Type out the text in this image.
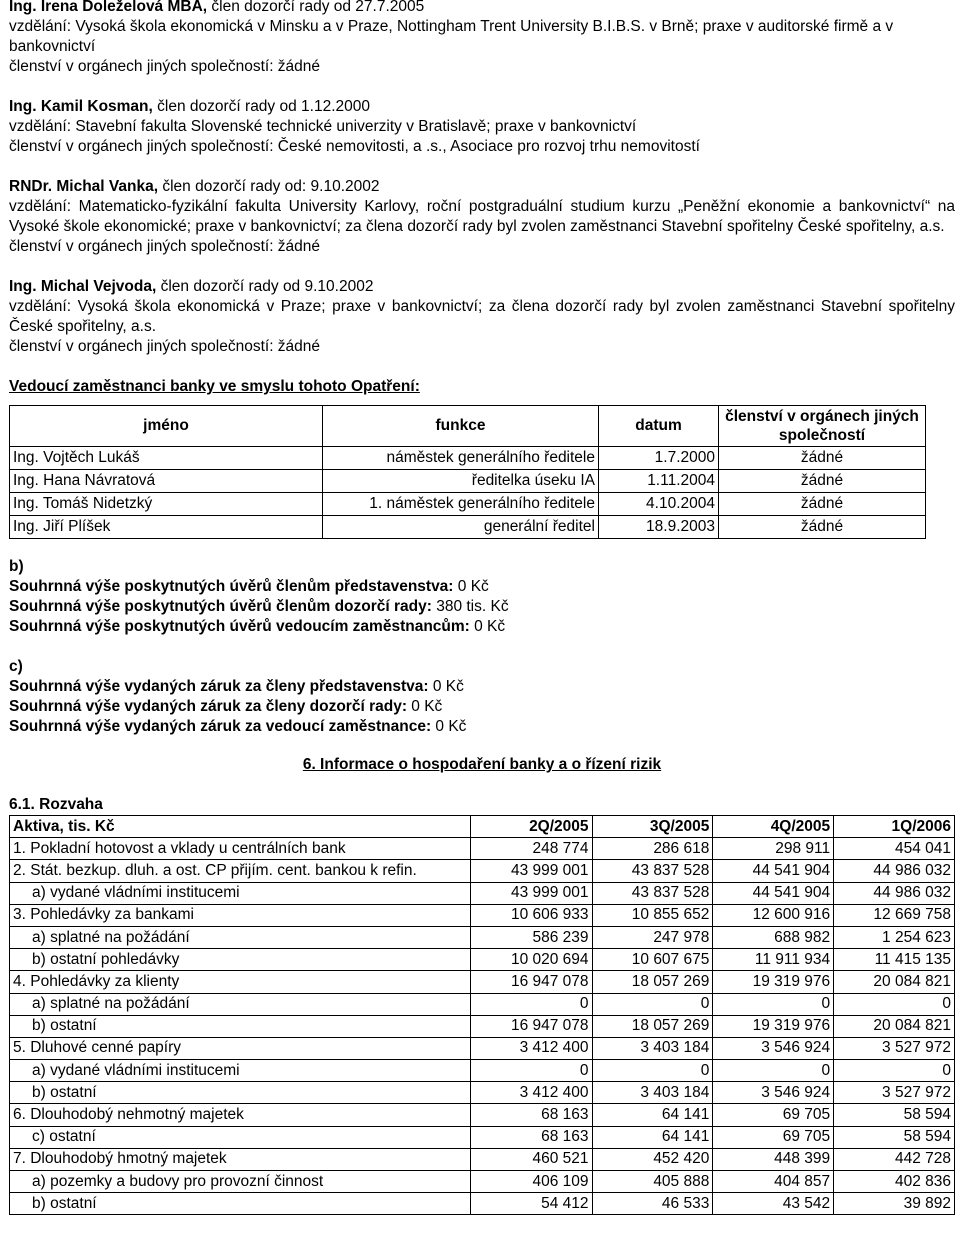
Ing. Irena Doleželová MBA, člen dozorčí rady od 27.7.2005

vzdělání: Vysoká škola ekonomická v Minsku a v Praze, Nottingham Trent University B.I.B.S. v Brně; praxe v auditorské firmě a v bankovnictví

členství v orgánech jiných společností: žádné

Ing. Kamil Kosman, člen dozorčí rady od 1.12.2000

vzdělání: Stavební fakulta Slovenské technické univerzity v Bratislavě; praxe v bankovnictví

členství v orgánech jiných společností: České nemovitosti, a .s., Asociace pro rozvoj trhu nemovitostí

RNDr. Michal Vanka, člen dozorčí rady od: 9.10.2002

vzdělání: Matematicko-fyzikální fakulta University Karlovy, roční postgraduální studium kurzu „Peněžní ekonomie a bankovnictví“ na Vysoké škole ekonomické; praxe v bankovnictví; za člena dozorčí rady byl zvolen zaměstnanci Stavební spořitelny České spořitelny, a.s.

členství v orgánech jiných společností: žádné

Ing. Michal Vejvoda, člen dozorčí rady od 9.10.2002

vzdělání: Vysoká škola ekonomická v Praze; praxe v bankovnictví; za člena dozorčí rady byl zvolen zaměstnanci Stavební spořitelny České spořitelny, a.s.

členství v orgánech jiných společností: žádné

Vedoucí zaměstnanci banky ve smyslu tohoto Opatření:

jméno	funkce	datum	členství v orgánech jiných společností
Ing. Vojtěch Lukáš	náměstek generálního ředitele	1.7.2000	žádné
Ing. Hana Návratová	ředitelka úseku IA	1.11.2004	žádné
Ing. Tomáš Nidetzký	1. náměstek generálního ředitele	4.10.2004	žádné
Ing. Jiří Plíšek	generální ředitel	18.9.2003	žádné

b)

Souhrnná výše poskytnutých úvěrů členům představenstva: 0 Kč

Souhrnná výše poskytnutých úvěrů členům dozorčí rady: 380 tis. Kč

Souhrnná výše poskytnutých úvěrů vedoucím zaměstnancům: 0 Kč

c)

Souhrnná výše vydaných záruk za členy představenstva: 0 Kč

Souhrnná výše vydaných záruk za členy dozorčí rady: 0 Kč

Souhrnná výše vydaných záruk za vedoucí zaměstnance: 0 Kč

6. Informace o hospodaření banky a o řízení rizik

6.1. Rozvaha

Aktiva, tis. Kč	2Q/2005	3Q/2005	4Q/2005	1Q/2006
1. Pokladní hotovost a vklady u centrálních bank	248 774	286 618	298 911	454 041
2. Stát. bezkup. dluh. a ost. CP přijím. cent. bankou k refin.	43 999 001	43 837 528	44 541 904	44 986 032
a) vydané vládními institucemi	43 999 001	43 837 528	44 541 904	44 986 032
3. Pohledávky za bankami	10 606 933	10 855 652	12 600 916	12 669 758
a) splatné na požádání	586 239	247 978	688 982	1 254 623
b) ostatní pohledávky	10 020 694	10 607 675	11 911 934	11 415 135
4. Pohledávky za klienty	16 947 078	18 057 269	19 319 976	20 084 821
a) splatné na požádání	0	0	0	0
b) ostatní	16 947 078	18 057 269	19 319 976	20 084 821
5. Dluhové cenné papíry	3 412 400	3 403 184	3 546 924	3 527 972
a) vydané vládními institucemi	0	0	0	0
b) ostatní	3 412 400	3 403 184	3 546 924	3 527 972
6. Dlouhodobý nehmotný majetek	68 163	64 141	69 705	58 594
c) ostatní	68 163	64 141	69 705	58 594
7. Dlouhodobý hmotný majetek	460 521	452 420	448 399	442 728
a) pozemky a budovy pro provozní činnost	406 109	405 888	404 857	402 836
b) ostatní	54 412	46 533	43 542	39 892
